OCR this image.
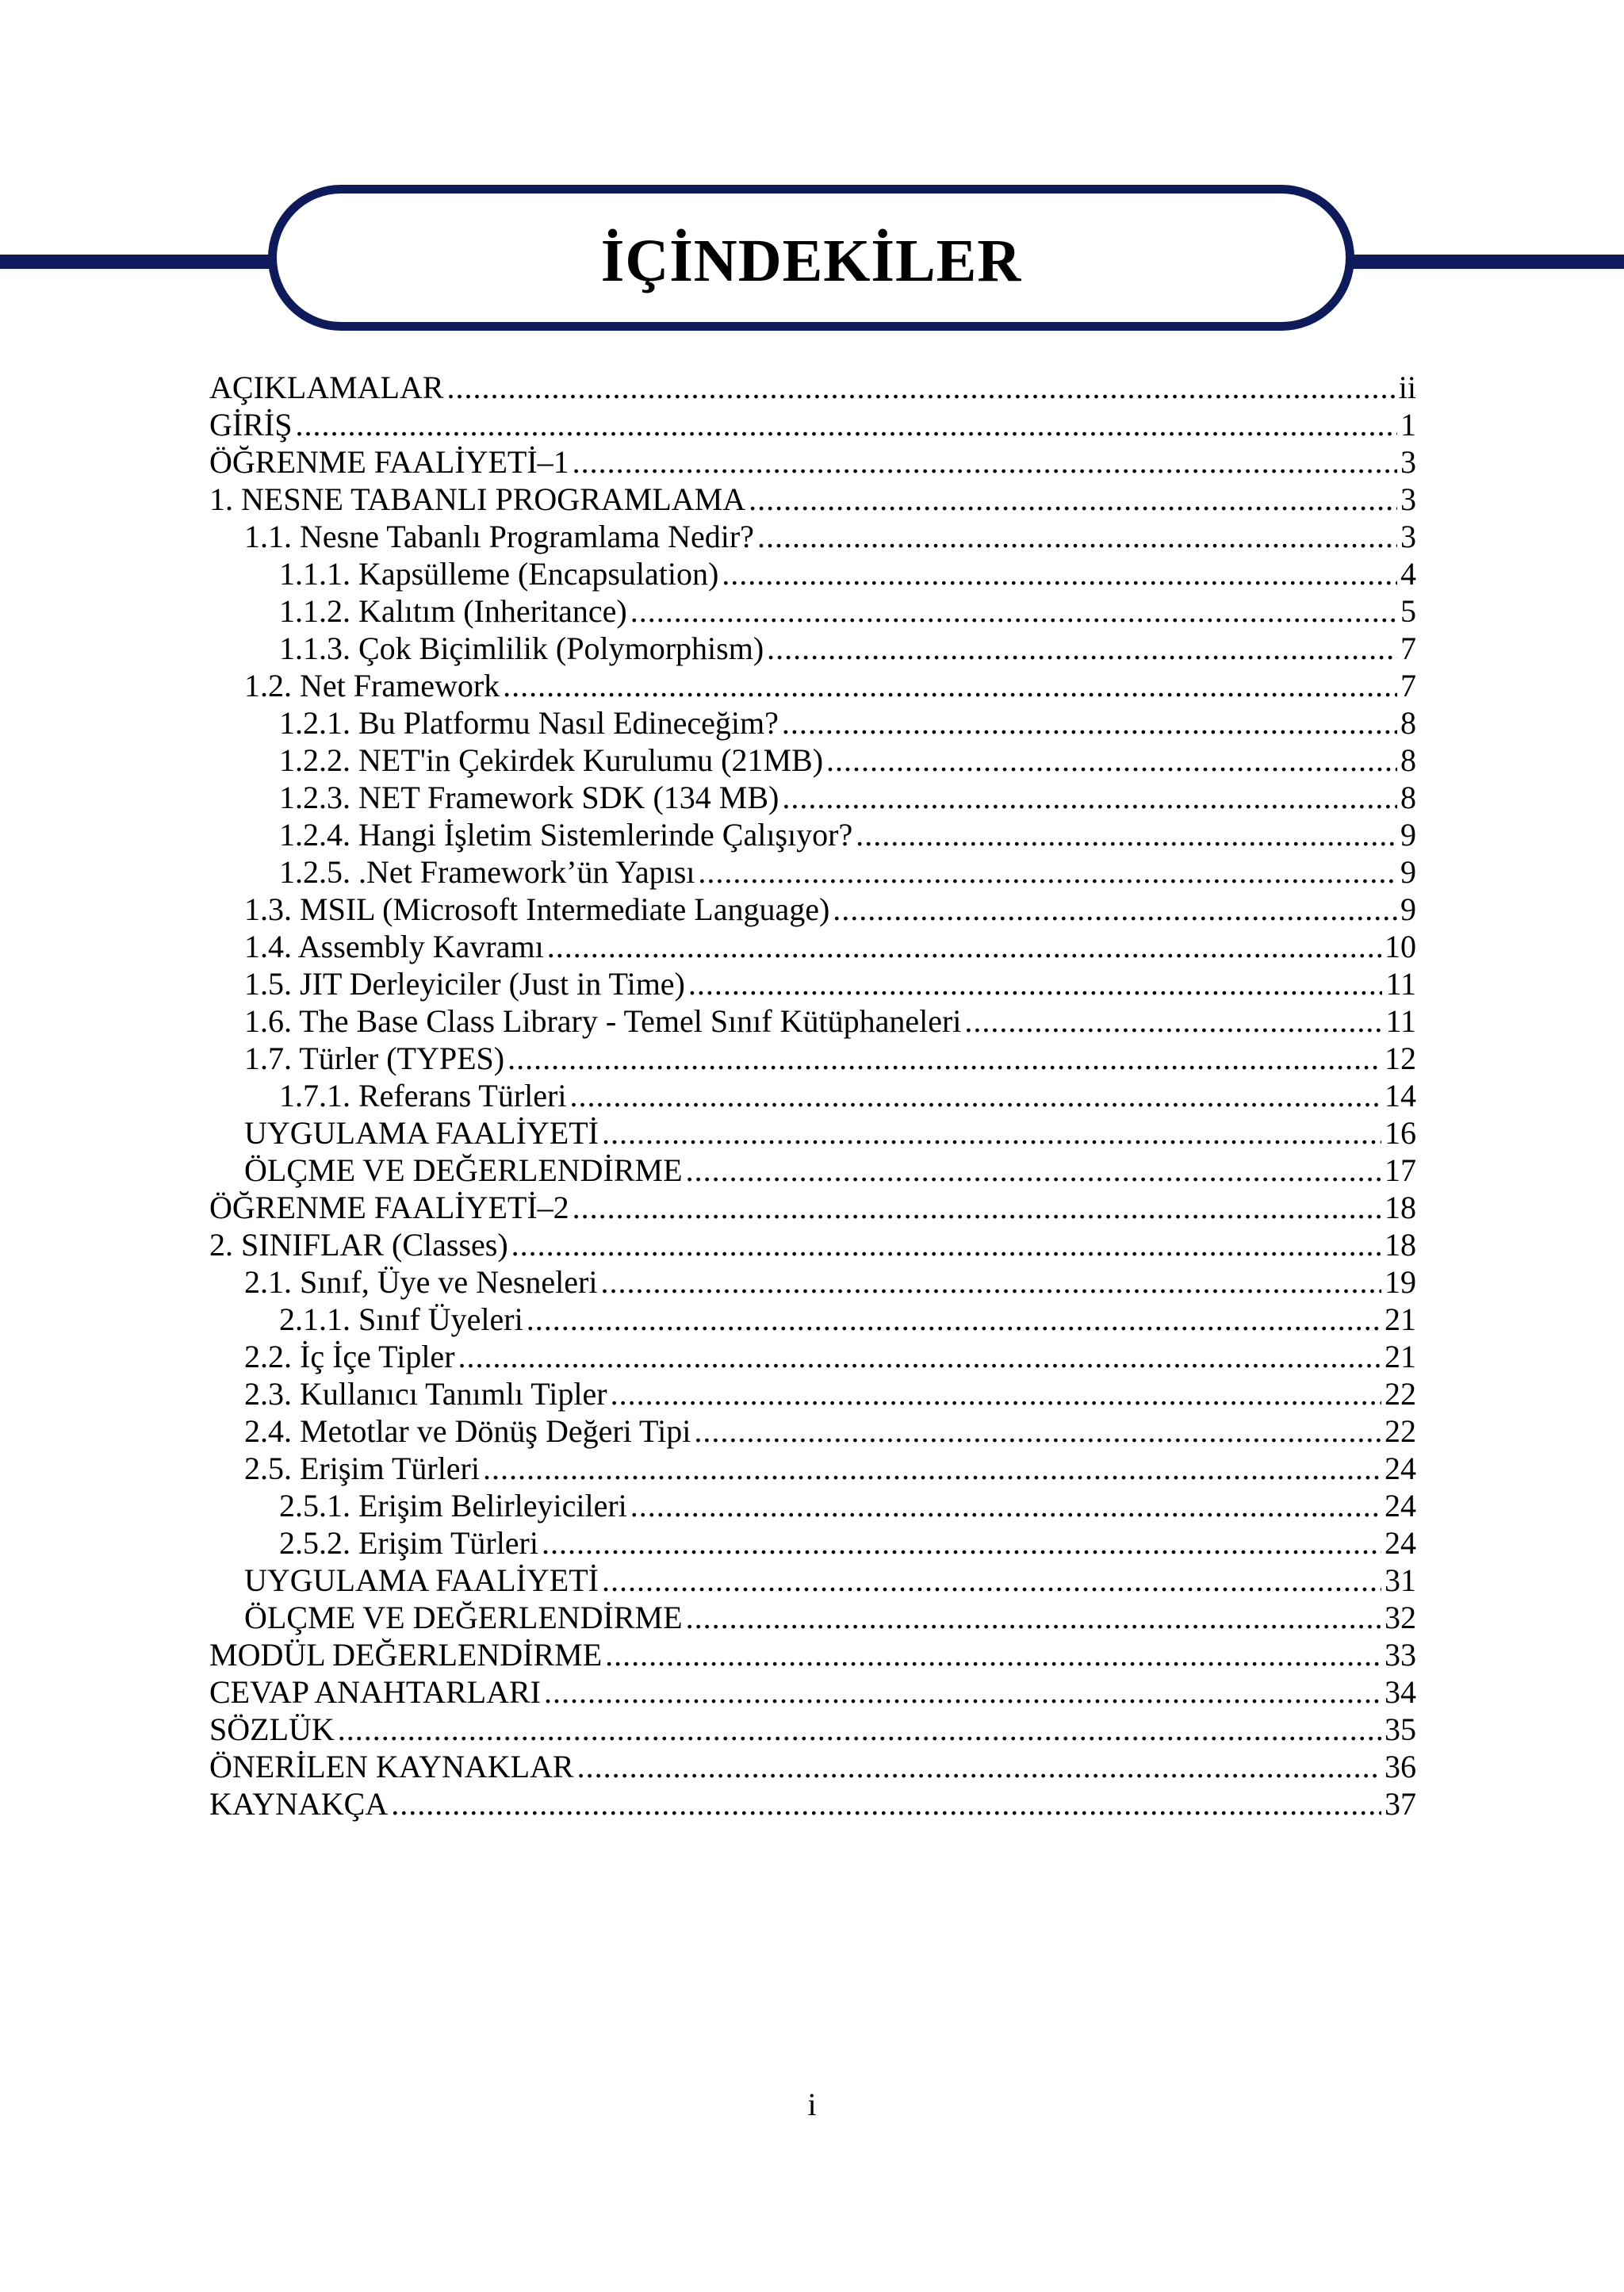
İÇİNDEKİLER
AÇIKLAMALAR .....	ii
GİRİŞ .....	1
ÖĞRENME FAALİYETİ–1 .....	3
1. NESNE TABANLI PROGRAMLAMA .....	3
1.1. Nesne Tabanlı Programlama Nedir? .....	3
1.1.1. Kapsülleme (Encapsulation) .....	4
1.1.2. Kalıtım (Inheritance) .....	5
1.1.3. Çok Biçimlilik (Polymorphism) .....	7
1.2. Net Framework .....	7
1.2.1. Bu Platformu Nasıl Edineceğim? .....	8
1.2.2. NET'in Çekirdek Kurulumu (21MB) .....	8
1.2.3. NET Framework SDK (134 MB) .....	8
1.2.4. Hangi İşletim Sistemlerinde Çalışıyor? .....	9
1.2.5. .Net Framework’ün Yapısı .....	9
1.3. MSIL (Microsoft Intermediate Language) .....	9
1.4. Assembly Kavramı .....	10
1.5. JIT Derleyiciler (Just in Time) .....	11
1.6. The Base Class Library - Temel Sınıf Kütüphaneleri .....	11
1.7. Türler (TYPES) .....	12
1.7.1. Referans Türleri .....	14
UYGULAMA FAALİYETİ .....	16
ÖLÇME VE DEĞERLENDİRME .....	17
ÖĞRENME FAALİYETİ–2 .....	18
2. SINIFLAR (Classes) .....	18
2.1. Sınıf, Üye ve Nesneleri .....	19
2.1.1. Sınıf Üyeleri .....	21
2.2. İç İçe Tipler .....	21
2.3. Kullanıcı Tanımlı Tipler .....	22
2.4. Metotlar ve Dönüş Değeri Tipi .....	22
2.5. Erişim Türleri .....	24
2.5.1. Erişim Belirleyicileri .....	24
2.5.2. Erişim Türleri .....	24
UYGULAMA FAALİYETİ .....	31
ÖLÇME VE DEĞERLENDİRME .....	32
MODÜL DEĞERLENDİRME .....	33
CEVAP ANAHTARLARI .....	34
SÖZLÜK .....	35
ÖNERİLEN KAYNAKLAR .....	36
KAYNAKÇA .....	37
i
